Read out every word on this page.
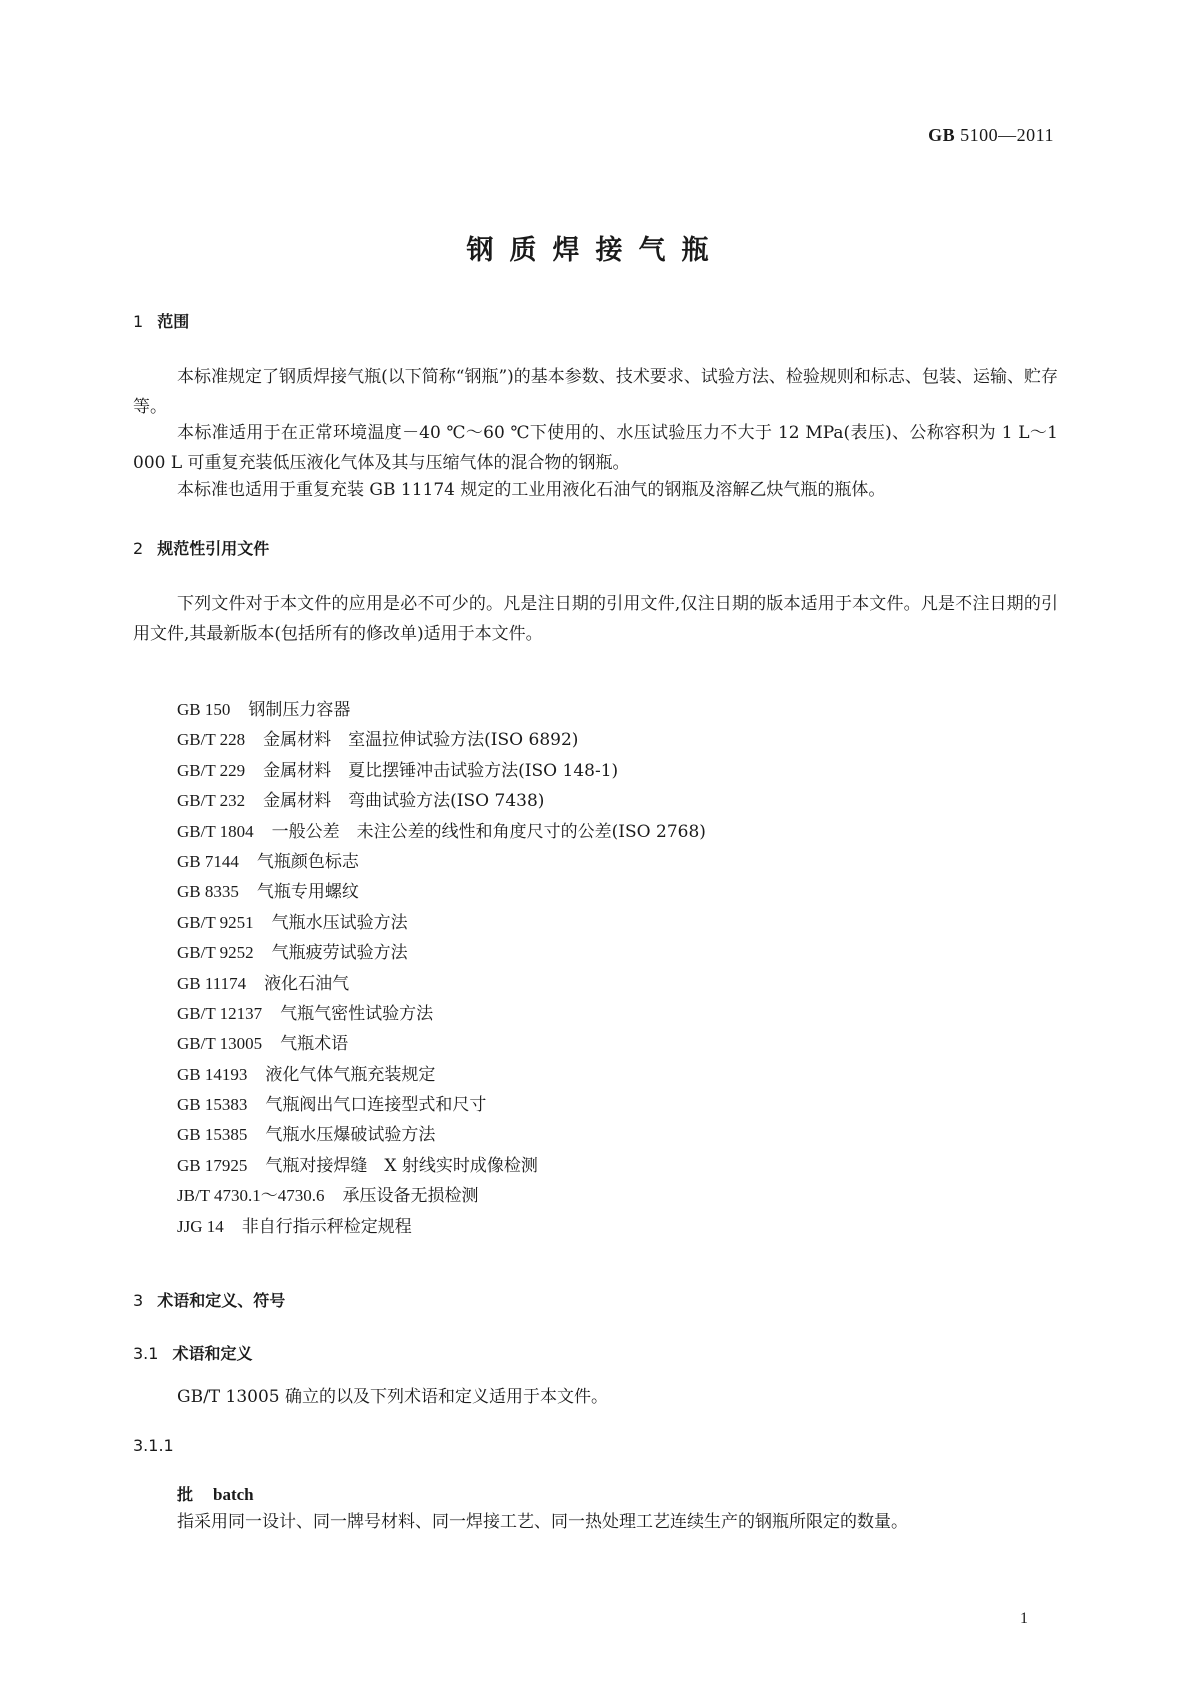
GB 5100—2011
钢质焊接气瓶
1 范围
本标准规定了钢质焊接气瓶(以下简称“钢瓶”)的基本参数、技术要求、试验方法、检验规则和标志、包装、运输、贮存等。
本标准适用于在正常环境温度－40 ℃～60 ℃下使用的、水压试验压力不大于 12 MPa(表压)、公称容积为 1 L～1 000 L 可重复充装低压液化气体及其与压缩气体的混合物的钢瓶。
本标准也适用于重复充装 GB 11174 规定的工业用液化石油气的钢瓶及溶解乙炔气瓶的瓶体。
2 规范性引用文件
下列文件对于本文件的应用是必不可少的。凡是注日期的引用文件,仅注日期的版本适用于本文件。凡是不注日期的引用文件,其最新版本(包括所有的修改单)适用于本文件。
GB 150 钢制压力容器
GB/T 228 金属材料　室温拉伸试验方法(ISO 6892)
GB/T 229 金属材料　夏比摆锤冲击试验方法(ISO 148-1)
GB/T 232 金属材料　弯曲试验方法(ISO 7438)
GB/T 1804 一般公差　未注公差的线性和角度尺寸的公差(ISO 2768)
GB 7144 气瓶颜色标志
GB 8335 气瓶专用螺纹
GB/T 9251 气瓶水压试验方法
GB/T 9252 气瓶疲劳试验方法
GB 11174 液化石油气
GB/T 12137 气瓶气密性试验方法
GB/T 13005 气瓶术语
GB 14193 液化气体气瓶充装规定
GB 15383 气瓶阀出气口连接型式和尺寸
GB 15385 气瓶水压爆破试验方法
GB 17925 气瓶对接焊缝　X 射线实时成像检测
JB/T 4730.1～4730.6 承压设备无损检测
JJG 14 非自行指示秤检定规程
3 术语和定义、符号
3.1 术语和定义
GB/T 13005 确立的以及下列术语和定义适用于本文件。
3.1.1
批 batch
指采用同一设计、同一牌号材料、同一焊接工艺、同一热处理工艺连续生产的钢瓶所限定的数量。
1
